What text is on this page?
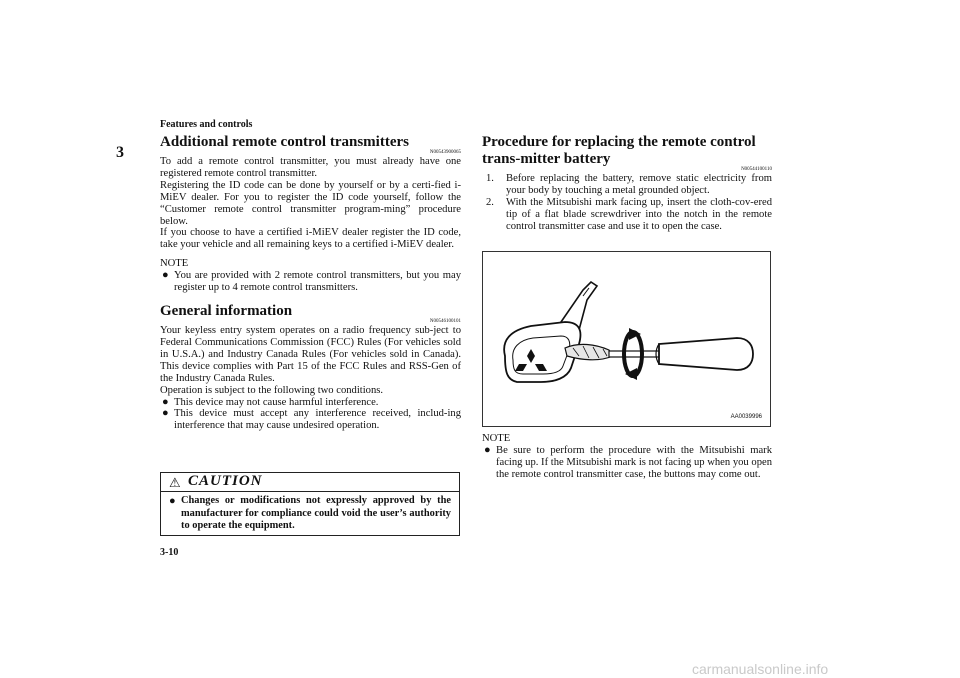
Features and controls
3
Additional remote control transmitters
N00543900065

To add a remote control transmitter, you must already have one registered remote control transmitter.

Registering the ID code can be done by yourself or by a certi-fied i-MiEV dealer. For you to register the ID code yourself, follow the “Customer remote control transmitter program-ming” procedure below.

If you choose to have a certified i-MiEV dealer register the ID code, take your vehicle and all remaining keys to a certified i-MiEV dealer.

NOTE
● You are provided with 2 remote control transmitters, but you may register up to 4 remote control transmitters.
General information
N00546100101

Your keyless entry system operates on a radio frequency sub-ject to Federal Communications Commission (FCC) Rules (For vehicles sold in U.S.A.) and Industry Canada Rules (For vehicles sold in Canada). This device complies with Part 15 of the FCC Rules and RSS-Gen of the Industry Canada Rules.

Operation is subject to the following two conditions.

● This device may not cause harmful interference.
● This device must accept any interference received, includ-ing interference that may cause undesired operation.
⚠ CAUTION
● Changes or modifications not expressly approved by the manufacturer for compliance could void the user’s authority to operate the equipment.
Procedure for replacing the remote control trans-mitter battery
N00544100110
1. Before replacing the battery, remove static electricity from your body by touching a metal grounded object.
2. With the Mitsubishi mark facing up, insert the cloth-cov-ered tip of a flat blade screwdriver into the notch in the remote control transmitter case and use it to open the case.
AA0039996
NOTE
● Be sure to perform the procedure with the Mitsubishi mark facing up. If the Mitsubishi mark is not facing up when you open the remote control transmitter case, the buttons may come out.
3-10
carmanualsonline.info
